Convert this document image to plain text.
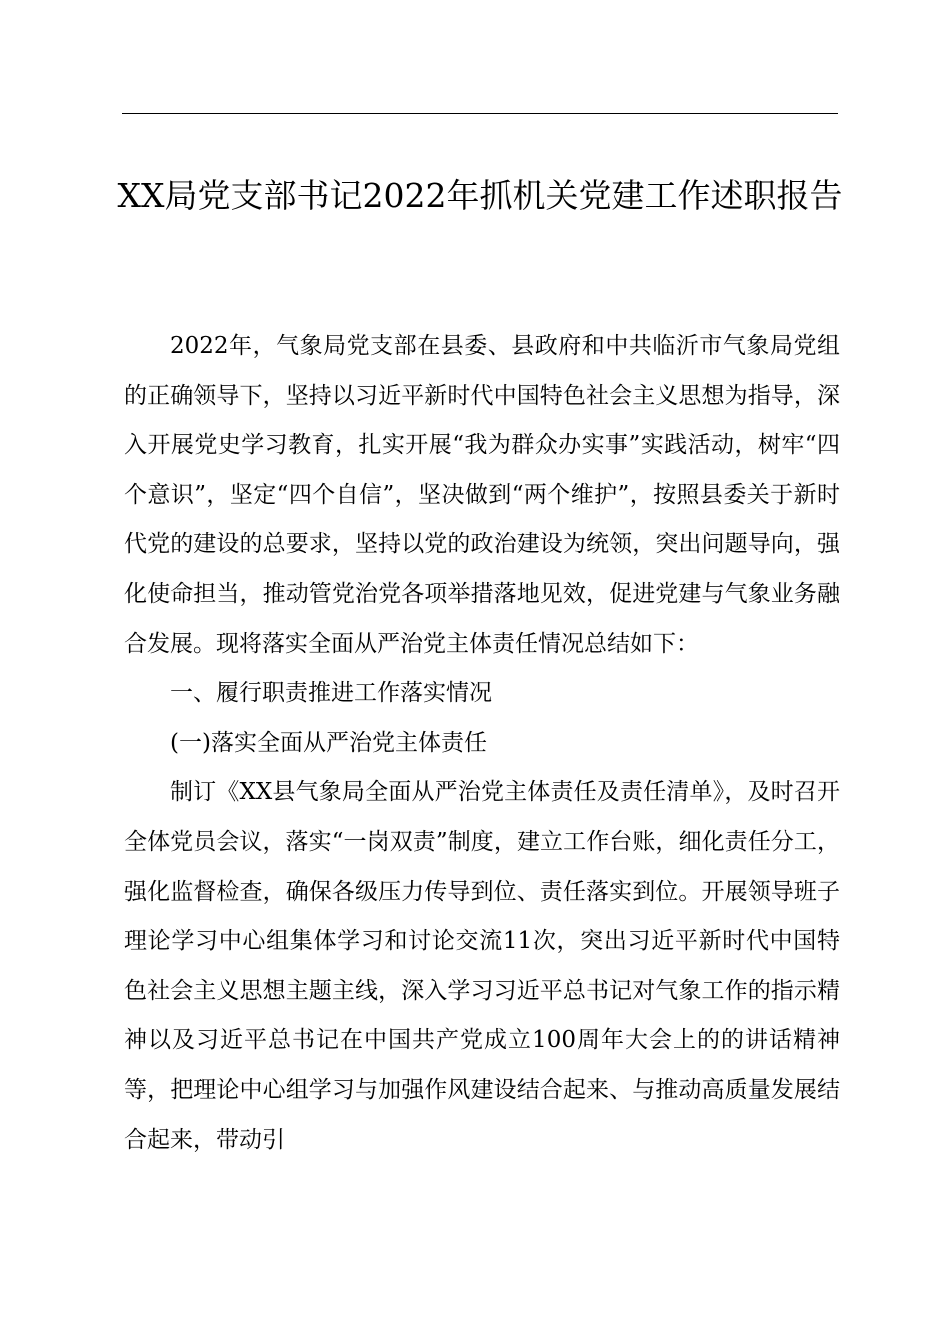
XX局党支部书记2022年抓机关党建工作述职报告

2022年，气象局党支部在县委、县政府和中共临沂市气象局党组的正确领导下，坚持以习近平新时代中国特色社会主义思想为指导，深入开展党史学习教育，扎实开展“我为群众办实事”实践活动，树牢“四个意识”，坚定“四个自信”，坚决做到“两个维护”，按照县委关于新时代党的建设的总要求，坚持以党的政治建设为统领，突出问题导向，强化使命担当，推动管党治党各项举措落地见效，促进党建与气象业务融合发展。现将落实全面从严治党主体责任情况总结如下：

一、履行职责推进工作落实情况

(一)落实全面从严治党主体责任

制订《XX县气象局全面从严治党主体责任及责任清单》，及时召开全体党员会议，落实“一岗双责”制度，建立工作台账，细化责任分工，强化监督检查，确保各级压力传导到位、责任落实到位。开展领导班子理论学习中心组集体学习和讨论交流11次，突出习近平新时代中国特色社会主义思想主题主线，深入学习习近平总书记对气象工作的指示精神以及习近平总书记在中国共产党成立100周年大会上的的讲话精神等，把理论中心组学习与加强作风建设结合起来、与推动高质量发展结合起来，带动引
